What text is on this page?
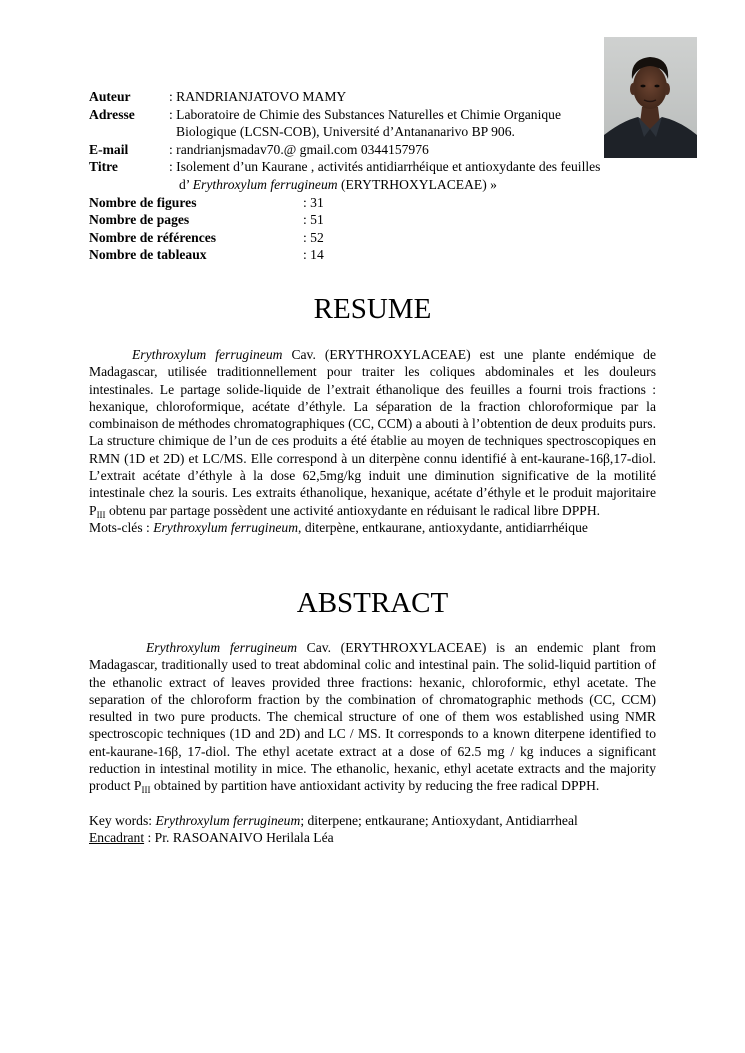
Auteur	: RANDRIANJATOVO MAMY
Adresse	: Laboratoire de Chimie des Substances Naturelles et Chimie Organique
Biologique (LCSN-COB), Université d’Antananarivo BP 906.
E-mail	: randrianjsmadav70.@ gmail.com 0344157976
Titre	: Isolement d’un Kaurane , activités antidiarrhéique et antioxydante des feuilles
d’ Erythroxylum ferrugineum (ERYTRHOXYLACEAE) »
Nombre de figures	: 31
Nombre de pages	: 51
Nombre de références	: 52
Nombre de tableaux	: 14
RESUME

Erythroxylum ferrugineum Cav. (ERYTHROXYLACEAE) est une plante endémique de Madagascar, utilisée traditionnellement pour traiter les coliques abdominales et les douleurs intestinales. Le partage solide-liquide de l’extrait éthanolique des feuilles a fourni trois fractions : hexanique, chloroformique, acétate d’éthyle. La séparation de la fraction chloroformique par la combinaison de méthodes chromatographiques (CC, CCM) a abouti à l’obtention de deux produits purs. La structure chimique de l’un de ces produits a été établie au moyen de techniques spectroscopiques en RMN (1D et 2D) et LC/MS. Elle correspond à un diterpène connu identifié à ent-kaurane-16β,17-diol. L’extrait acétate d’éthyle à la dose 62,5mg/kg induit une diminution significative de la motilité intestinale chez la souris. Les extraits éthanolique, hexanique, acétate d’éthyle et le produit majoritaire $P_{III}$ obtenu par partage possèdent une activité antioxydante en réduisant le radical libre DPPH.

Mots-clés : Erythroxylum ferrugineum, diterpène, entkaurane, antioxydante, antidiarrhéique

ABSTRACT

Erythroxylum ferrugineum Cav. (ERYTHROXYLACEAE) is an endemic plant from Madagascar, traditionally used to treat abdominal colic and intestinal pain. The solid-liquid partition of the ethanolic extract of leaves provided three fractions: hexanic, chloroformic, ethyl acetate. The separation of the chloroform fraction by the combination of chromatographic methods (CC, CCM) resulted in two pure products. The chemical structure of one of them wos established using NMR spectroscopic techniques (1D and 2D) and LC / MS. It corresponds to a known diterpene identified to ent-kaurane-16β, 17-diol. The ethyl acetate extract at a dose of 62.5 mg / kg induces a significant reduction in intestinal motility in mice. The ethanolic, hexanic, ethyl acetate extracts and the majority product $P_{III}$ obtained by partition have antioxidant activity by reducing the free radical DPPH.

Key words: Erythroxylum ferrugineum; diterpene; entkaurane; Antioxydant, Antidiarrheal

Encadrant : Pr. RASOANAIVO Herilala Léa
